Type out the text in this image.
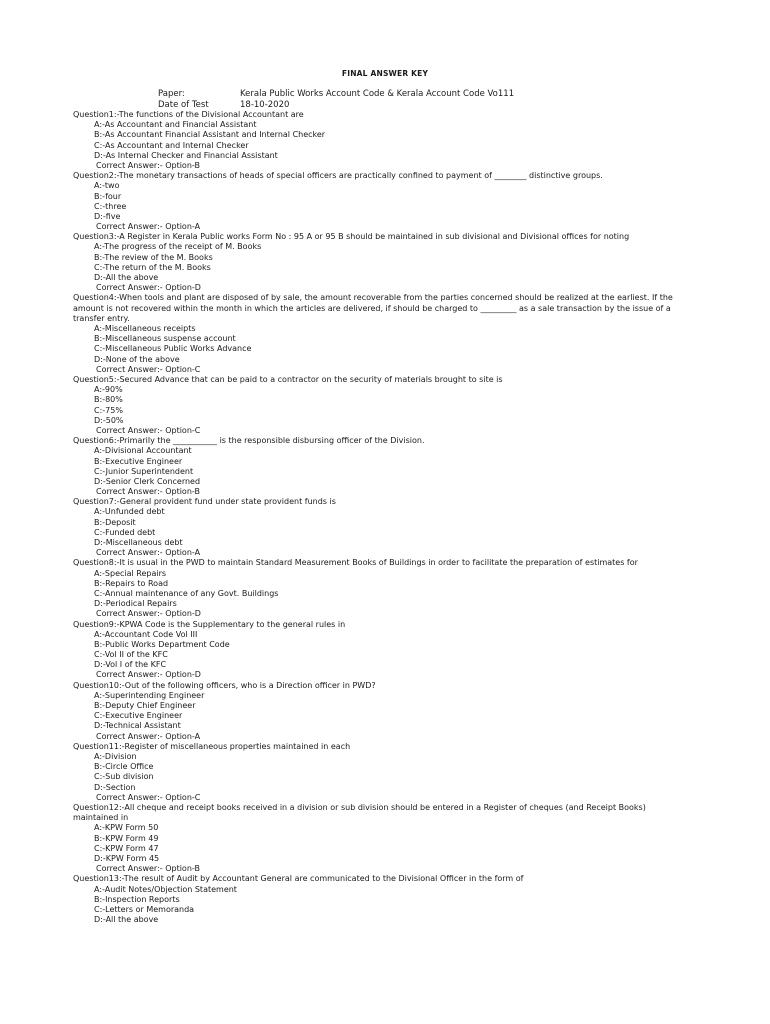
FINAL ANSWER KEY
Paper:	Kerala Public Works Account Code & Kerala Account Code Vo111
Date of Test	18-10-2020
Question1:-The functions of the Divisional Accountant are
A:-As Accountant and Financial Assistant
B:-As Accountant Financial Assistant and Internal Checker
C:-As Accountant and Internal Checker
D:-As Internal Checker and Financial Assistant
Correct Answer:- Option-B
Question2:-The monetary transactions of heads of special officers are practically confined to payment of ________ distinctive groups.
A:-two
B:-four
C:-three
D:-five
Correct Answer:- Option-A
Question3:-A Register in Kerala Public works Form No : 95 A or 95 B should be maintained in sub divisional and Divisional offices for noting
A:-The progress of the receipt of M. Books
B:-The review of the M. Books
C:-The return of the M. Books
D:-All the above
Correct Answer:- Option-D
Question4:-When tools and plant are disposed of by sale, the amount recoverable from the parties concerned should be realized at the earliest. If the amount is not recovered within the month in which the articles are delivered, if should be charged to _________ as a sale transaction by the issue of a transfer entry.
A:-Miscellaneous receipts
B:-Miscellaneous suspense account
C:-Miscellaneous Public Works Advance
D:-None of the above
Correct Answer:- Option-C
Question5:-Secured Advance that can be paid to a contractor on the security of materials brought to site is
A:-90%
B:-80%
C:-75%
D:-50%
Correct Answer:- Option-C
Question6:-Primarily the ___________ is the responsible disbursing officer of the Division.
A:-Divisional Accountant
B:-Executive Engineer
C:-Junior Superintendent
D:-Senior Clerk Concerned
Correct Answer:- Option-B
Question7:-General provident fund under state provident funds is
A:-Unfunded debt
B:-Deposit
C:-Funded debt
D:-Miscellaneous debt
Correct Answer:- Option-A
Question8:-It is usual in the PWD to maintain Standard Measurement Books of Buildings in order to facilitate the preparation of estimates for
A:-Special Repairs
B:-Repairs to Road
C:-Annual maintenance of any Govt. Buildings
D:-Periodical Repairs
Correct Answer:- Option-D
Question9:-KPWA Code is the Supplementary to the general rules in
A:-Accountant Code Vol III
B:-Public Works Department Code
C:-Vol II of the KFC
D:-Vol I of the KFC
Correct Answer:- Option-D
Question10:-Out of the following officers, who is a Direction officer in PWD?
A:-Superintending Engineer
B:-Deputy Chief Engineer
C:-Executive Engineer
D:-Technical Assistant
Correct Answer:- Option-A
Question11:-Register of miscellaneous properties maintained in each
A:-Division
B:-Circle Office
C:-Sub division
D:-Section
Correct Answer:- Option-C
Question12:-All cheque and receipt books received in a division or sub division should be entered in a Register of cheques (and Receipt Books) maintained in
A:-KPW Form 50
B:-KPW Form 49
C:-KPW Form 47
D:-KPW Form 45
Correct Answer:- Option-B
Question13:-The result of Audit by Accountant General are communicated to the Divisional Officer in the form of
A:-Audit Notes/Objection Statement
B:-Inspection Reports
C:-Letters or Memoranda
D:-All the above
